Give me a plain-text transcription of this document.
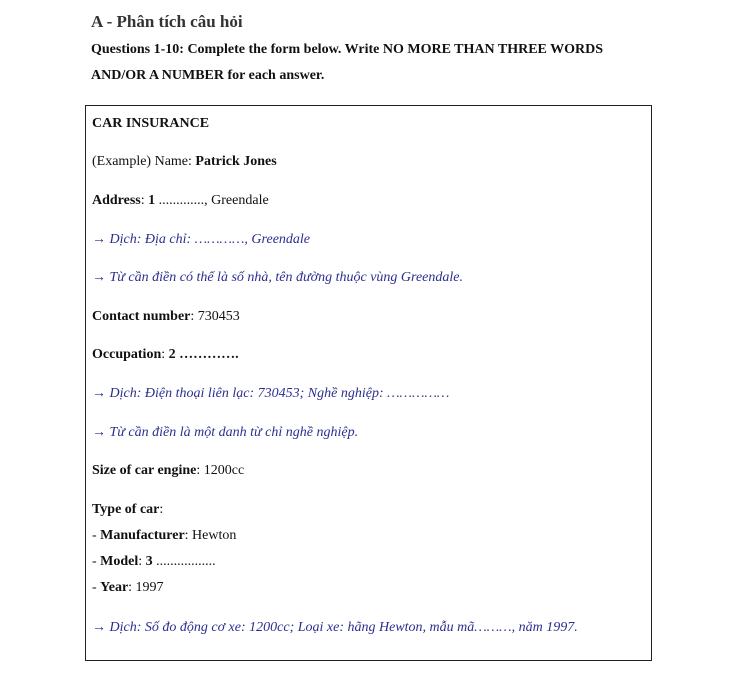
A - Phân tích câu hỏi

Questions 1-10: Complete the form below. Write NO MORE THAN THREE WORDS

AND/OR A NUMBER for each answer.

CAR INSURANCE

(Example) Name: Patrick Jones

Address: 1 ............., Greendale

→ Dịch: Địa chỉ: …………, Greendale

→ Từ cần điền có thể là số nhà, tên đường thuộc vùng Greendale.

Contact number: 730453

Occupation: 2 ………….

→ Dịch: Điện thoại liên lạc: 730453; Nghề nghiệp: ……………

→ Từ cần điền là một danh từ chỉ nghề nghiệp.

Size of car engine: 1200cc

Type of car:

- Manufacturer: Hewton

- Model: 3 .................

- Year: 1997

→ Dịch: Số đo động cơ xe: 1200cc; Loại xe: hãng Hewton, mẫu mã………, năm 1997.
